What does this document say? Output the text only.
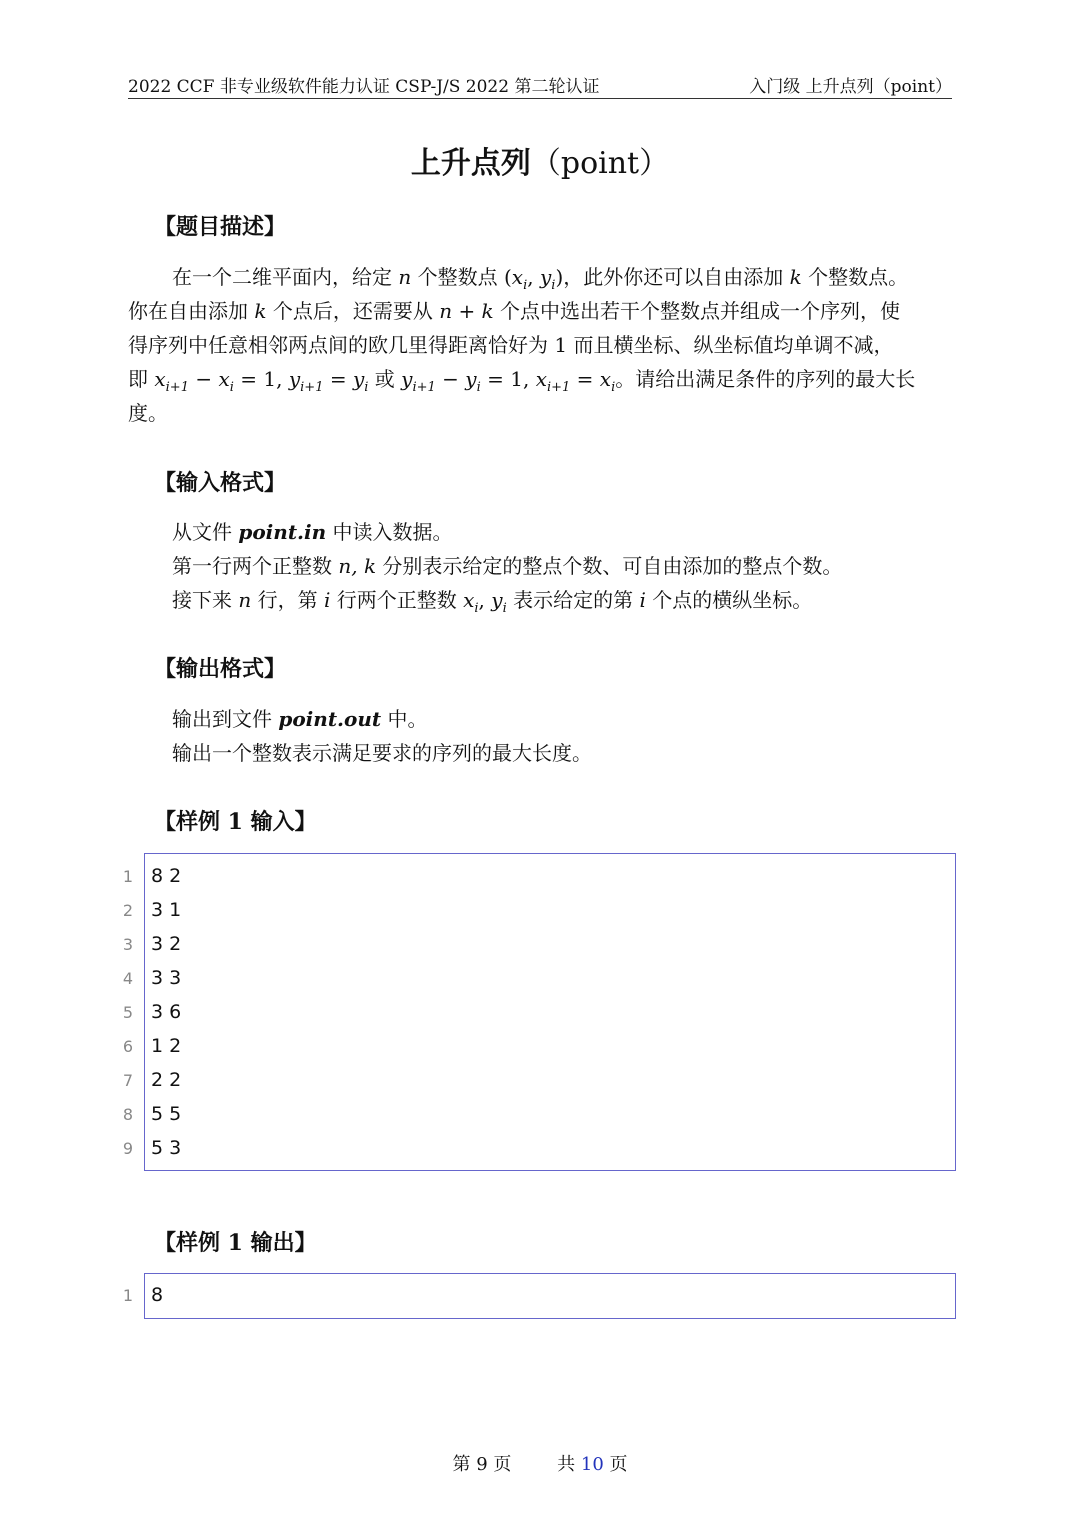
2022 CCF 非专业级软件能力认证 CSP-J/S 2022 第二轮认证	入门级 上升点列（point）
上升点列（point）
【题目描述】
在一个二维平面内，给定 n 个整数点 ($x_i$, $y_i$)，此外你还可以自由添加 k 个整数点。
你在自由添加 k 个点后，还需要从 n + k 个点中选出若干个整数点并组成一个序列，使
得序列中任意相邻两点间的欧几里得距离恰好为 1 而且横坐标、纵坐标值均单调不减，
即 $x_{i+1} - x_i = 1$, $y_{i+1} = y_i$ 或 $y_{i+1} - y_i = 1$, $x_{i+1} = x_i$。请给出满足条件的序列的最大长
度。
【输入格式】
从文件 point.in 中读入数据。
第一行两个正整数 n, k 分别表示给定的整点个数、可自由添加的整点个数。
接下来 n 行，第 i 行两个正整数 $x_i$, $y_i$ 表示给定的第 i 个点的横纵坐标。
【输出格式】
输出到文件 point.out 中。
输出一个整数表示满足要求的序列的最大长度。
【样例 1 输入】
1 8 2
2 3 1
3 3 2
4 3 3
5 3 6
6 1 2
7 2 2
8 5 5
9 5 3
【样例 1 输出】
1 8
第 9 页	共 10 页
